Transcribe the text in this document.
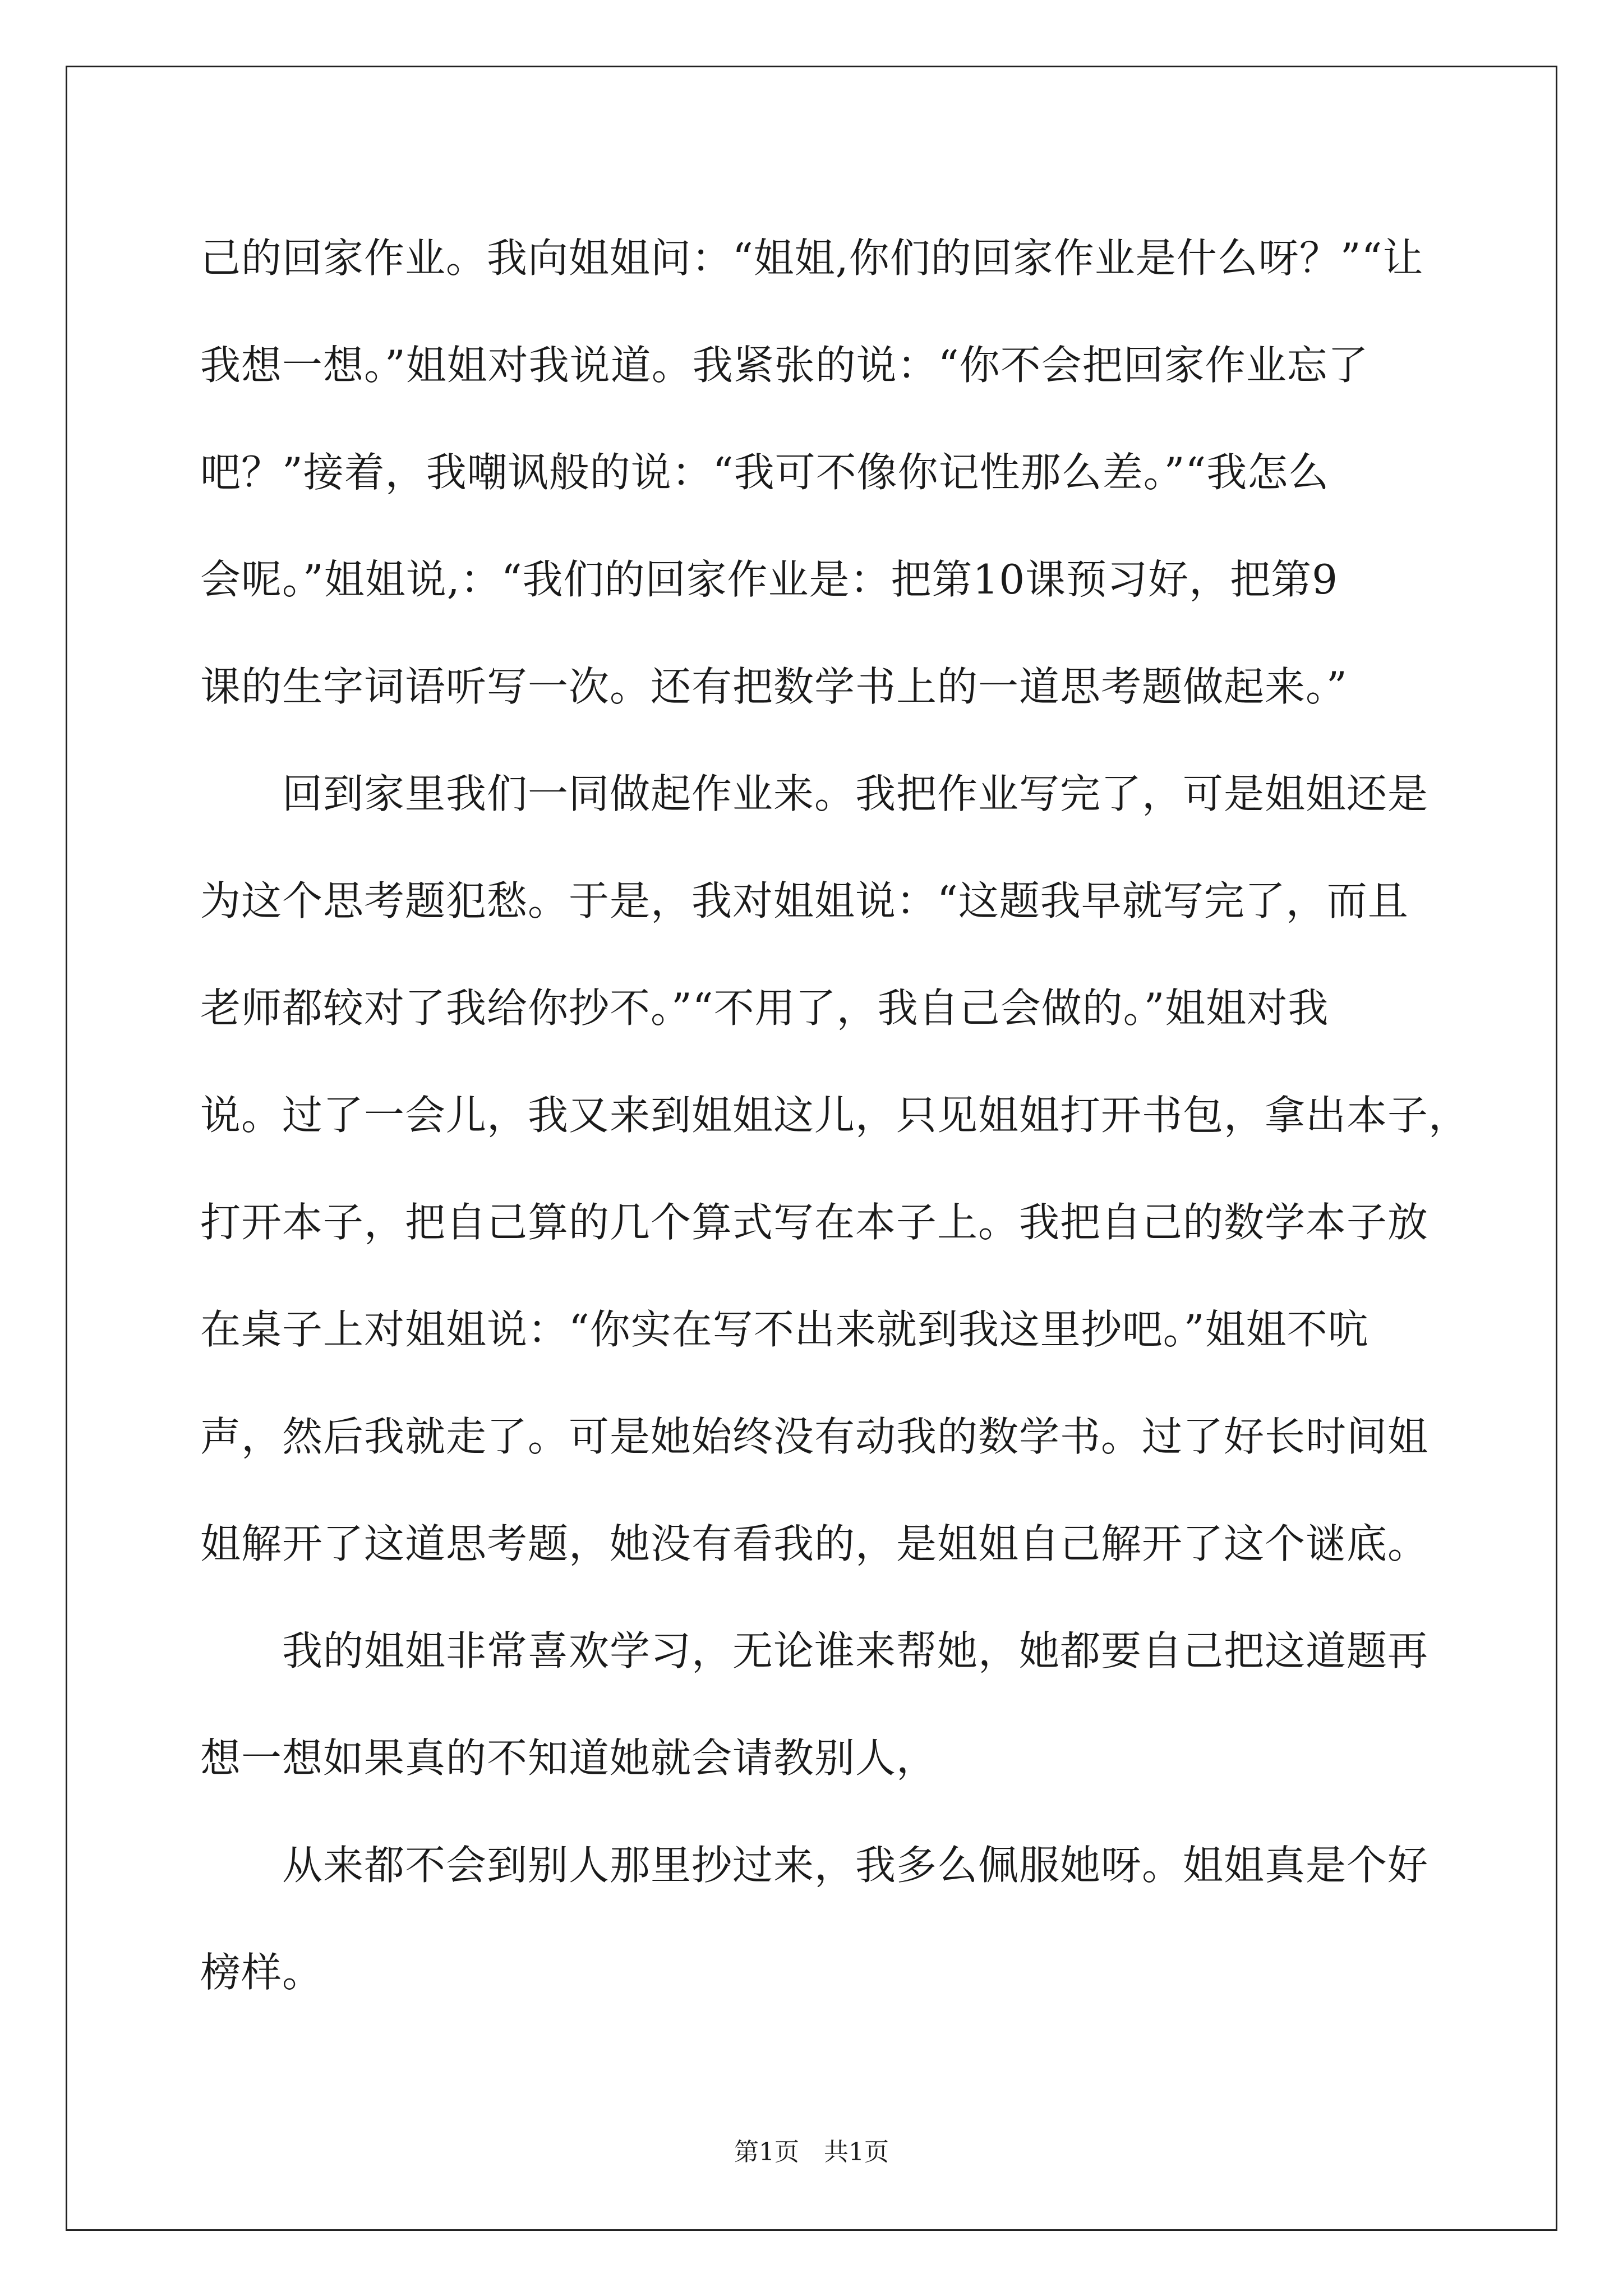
己的回家作业。我向姐姐问：“姐姐,你们的回家作业是什么呀？”“让
我想一想。”姐姐对我说道。我紧张的说：“你不会把回家作业忘了
吧？”接着，我嘲讽般的说：“我可不像你记性那么差。”“我怎么
会呢。”姐姐说,：“我们的回家作业是：把第10课预习好，把第9
课的生字词语听写一次。还有把数学书上的一道思考题做起来。”
　　回到家里我们一同做起作业来。我把作业写完了，可是姐姐还是
为这个思考题犯愁。于是，我对姐姐说：“这题我早就写完了，而且
老师都较对了我给你抄不。”“不用了，我自己会做的。”姐姐对我
说。过了一会儿，我又来到姐姐这儿，只见姐姐打开书包，拿出本子，
打开本子，把自己算的几个算式写在本子上。我把自己的数学本子放
在桌子上对姐姐说：“你实在写不出来就到我这里抄吧。”姐姐不吭
声，然后我就走了。可是她始终没有动我的数学书。过了好长时间姐
姐解开了这道思考题，她没有看我的，是姐姐自己解开了这个谜底。
　　我的姐姐非常喜欢学习，无论谁来帮她，她都要自己把这道题再
想一想如果真的不知道她就会请教别人，
　　从来都不会到别人那里抄过来，我多么佩服她呀。姐姐真是个好
榜样。
第1页　共1页
